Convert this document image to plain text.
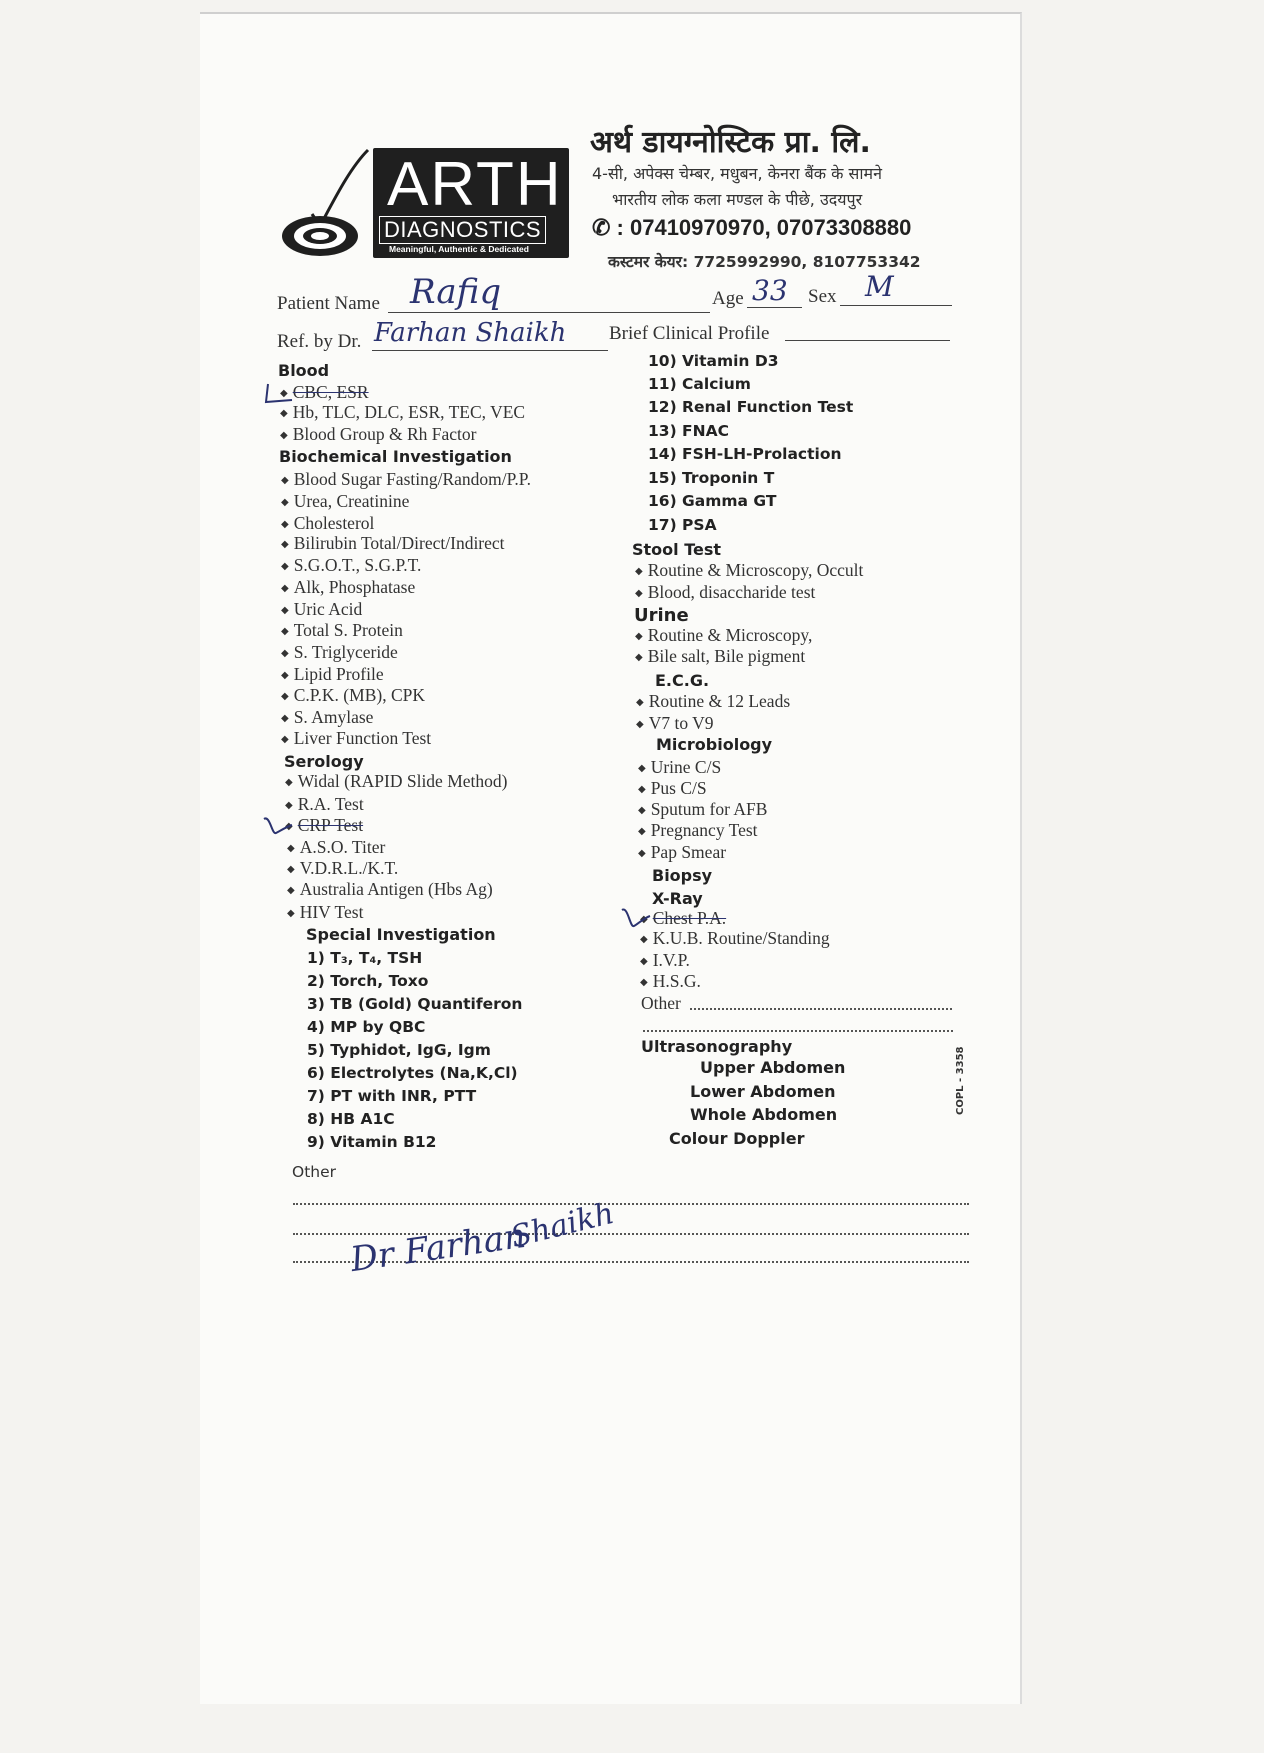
ARTH
DIAGNOSTICS
Meaningful, Authentic & Dedicated
अर्थ डायग्नोस्टिक प्रा. लि.
4-सी, अपेक्स चेम्बर, मधुबन, केनरा बैंक के सामने
भारतीय लोक कला मण्डल के पीछे, उदयपुर
✆ : 07410970970, 07073308880
कस्टमर केयर: 7725992990, 8107753342
Patient Name Rafiq	Age 33 Sex M
Ref. by Dr. Farhan Shaikh Brief Clinical Profile
Blood
◆ CBC, ESR
◆ Hb, TLC, DLC, ESR, TEC, VEC
◆ Blood Group & Rh Factor
Biochemical Investigation
◆ Blood Sugar Fasting/Random/P.P.
◆ Urea, Creatinine
◆ Cholesterol
◆ Bilirubin Total/Direct/Indirect
◆ S.G.O.T., S.G.P.T.
◆ Alk, Phosphatase
◆ Uric Acid
◆ Total S. Protein
◆ S. Triglyceride
◆ Lipid Profile
◆ C.P.K. (MB), CPK
◆ S. Amylase
◆ Liver Function Test
Serology
◆ Widal (RAPID Slide Method)
◆ R.A. Test
◆ CRP Test
◆ A.S.O. Titer
◆ V.D.R.L./K.T.
◆ Australia Antigen (Hbs Ag)
◆ HIV Test
Special Investigation
1) T₃, T₄, TSH
2) Torch, Toxo
3) TB (Gold) Quantiferon
4) MP by QBC
5) Typhidot, IgG, Igm
6) Electrolytes (Na,K,Cl)
7) PT with INR, PTT
8) HB A1C
9) Vitamin B12
Other
10) Vitamin D3
11) Calcium
12) Renal Function Test
13) FNAC
14) FSH-LH-Prolaction
15) Troponin T
16) Gamma GT
17) PSA
Stool Test
◆ Routine & Microscopy, Occult
◆ Blood, disaccharide test
Urine
◆ Routine & Microscopy,
◆ Bile salt, Bile pigment
E.C.G.
◆ Routine & 12 Leads
◆ V7 to V9
Microbiology
◆ Urine C/S
◆ Pus C/S
◆ Sputum for AFB
◆ Pregnancy Test
◆ Pap Smear
Biopsy
X-Ray
◆ Chest P.A.
◆ K.U.B. Routine/Standing
◆ I.V.P.
◆ H.S.G.
Other
Ultrasonography
Upper Abdomen
Lower Abdomen
Whole Abdomen
Colour Doppler
COPL - 3358
Dr Farhan
Shaikh
